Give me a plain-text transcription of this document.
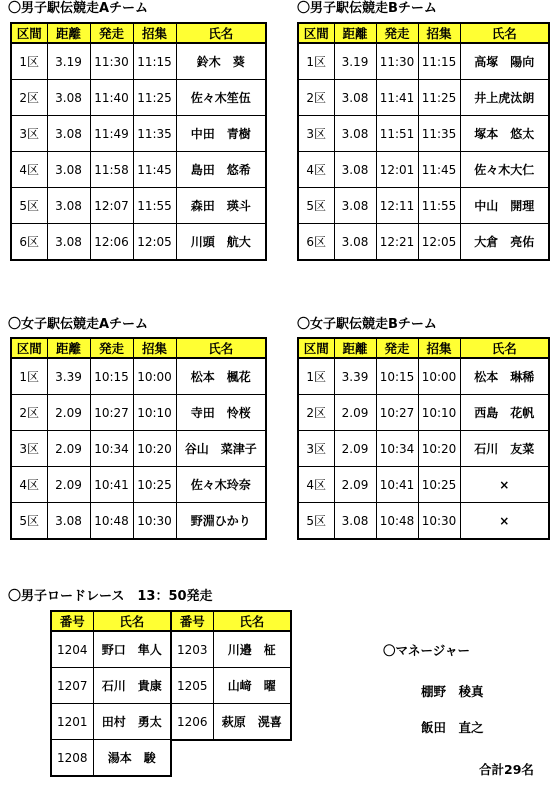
〇男子駅伝競走Aチーム
区間	距離	発走	招集	氏名
1区	3.19	11:30	11:15	鈴木　葵
2区	3.08	11:40	11:25	佐々木笙伍
3区	3.08	11:49	11:35	中田　青樹
4区	3.08	11:58	11:45	島田　悠希
5区	3.08	12:07	11:55	森田　瑛斗
6区	3.08	12:06	12:05	川頭　航大
〇男子駅伝競走Bチーム
区間	距離	発走	招集	氏名
1区	3.19	11:30	11:15	高塚　陽向
2区	3.08	11:41	11:25	井上虎汰朗
3区	3.08	11:51	11:35	塚本　悠太
4区	3.08	12:01	11:45	佐々木大仁
5区	3.08	12:11	11:55	中山　開理
6区	3.08	12:21	12:05	大倉　亮佑
〇女子駅伝競走Aチーム
区間	距離	発走	招集	氏名
1区	3.39	10:15	10:00	松本　楓花
2区	2.09	10:27	10:10	寺田　怜桜
3区	2.09	10:34	10:20	谷山　菜津子
4区	2.09	10:41	10:25	佐々木玲奈
5区	3.08	10:48	10:30	野淵ひかり
〇女子駅伝競走Bチーム
区間	距離	発走	招集	氏名
1区	3.39	10:15	10:00	松本　琳稀
2区	2.09	10:27	10:10	西島　花帆
3区	2.09	10:34	10:20	石川　友菜
4区	2.09	10:41	10:25	×
5区	3.08	10:48	10:30	×
〇男子ロードレース　13：50発走
番号	氏名
1204	野口　隼人
1207	石川　貴康
1201	田村　勇太
1208	湯本　駿
番号	氏名
1203	川邉　柾
1205	山﨑　曜
1206	萩原　滉喜
〇マネージャー
棚野　稜真
飯田　直之
合計29名
